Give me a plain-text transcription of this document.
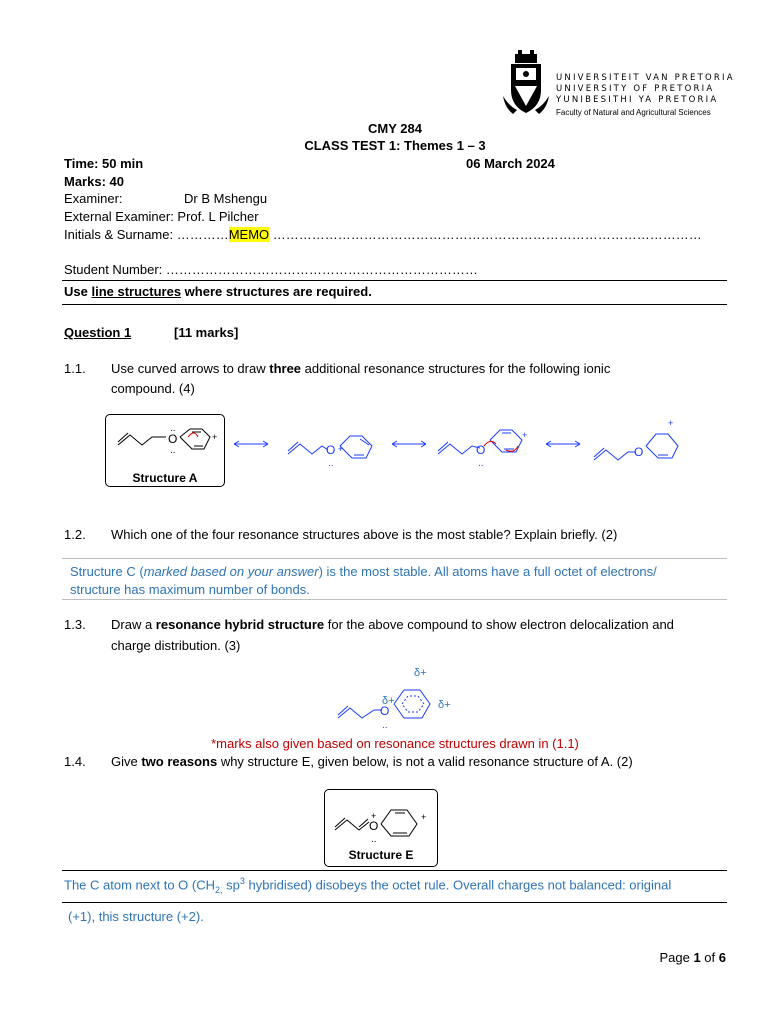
UNIVERSITEIT VAN PRETORIA
UNIVERSITY OF PRETORIA
YUNIBESITHI YA PRETORIA
Faculty of Natural and Agricultural Sciences
CMY 284
CLASS TEST 1: Themes 1 – 3
Time: 50 min	06 March 2024
Marks: 40
Examiner:	Dr B Mshengu
External Examiner: Prof. L Pilcher
Initials & Surname: …………MEMO ………………………………………………………………………………………
Student Number: ………………………………………………………………
Use line structures where structures are required.
Question 1	[11 marks]
1.1. Use curved arrows to draw three additional resonance structures for the following ionic
compound. (4)
O
..
..
+
Structure A
O
..
+	O
..
+
O
+
1.2. Which one of the four resonance structures above is the most stable? Explain briefly. (2)
Structure C (marked based on your answer) is the most stable. All atoms have a full octet of electrons/
structure has maximum number of bonds.
1.3. Draw a resonance hybrid structure for the above compound to show electron delocalization and
charge distribution. (3)
O
..
δ+
δ+	δ+
*marks also given based on resonance structures drawn in (1.1)
1.4. Give two reasons why structure E, given below, is not a valid resonance structure of A. (2)
O
+
..
+
Structure E
The C atom next to O ($CH_{2,}$ $sp^3$ hybridised) disobeys the octet rule. Overall charges not balanced: original
(+1), this structure (+2).
Page 1 of 6
